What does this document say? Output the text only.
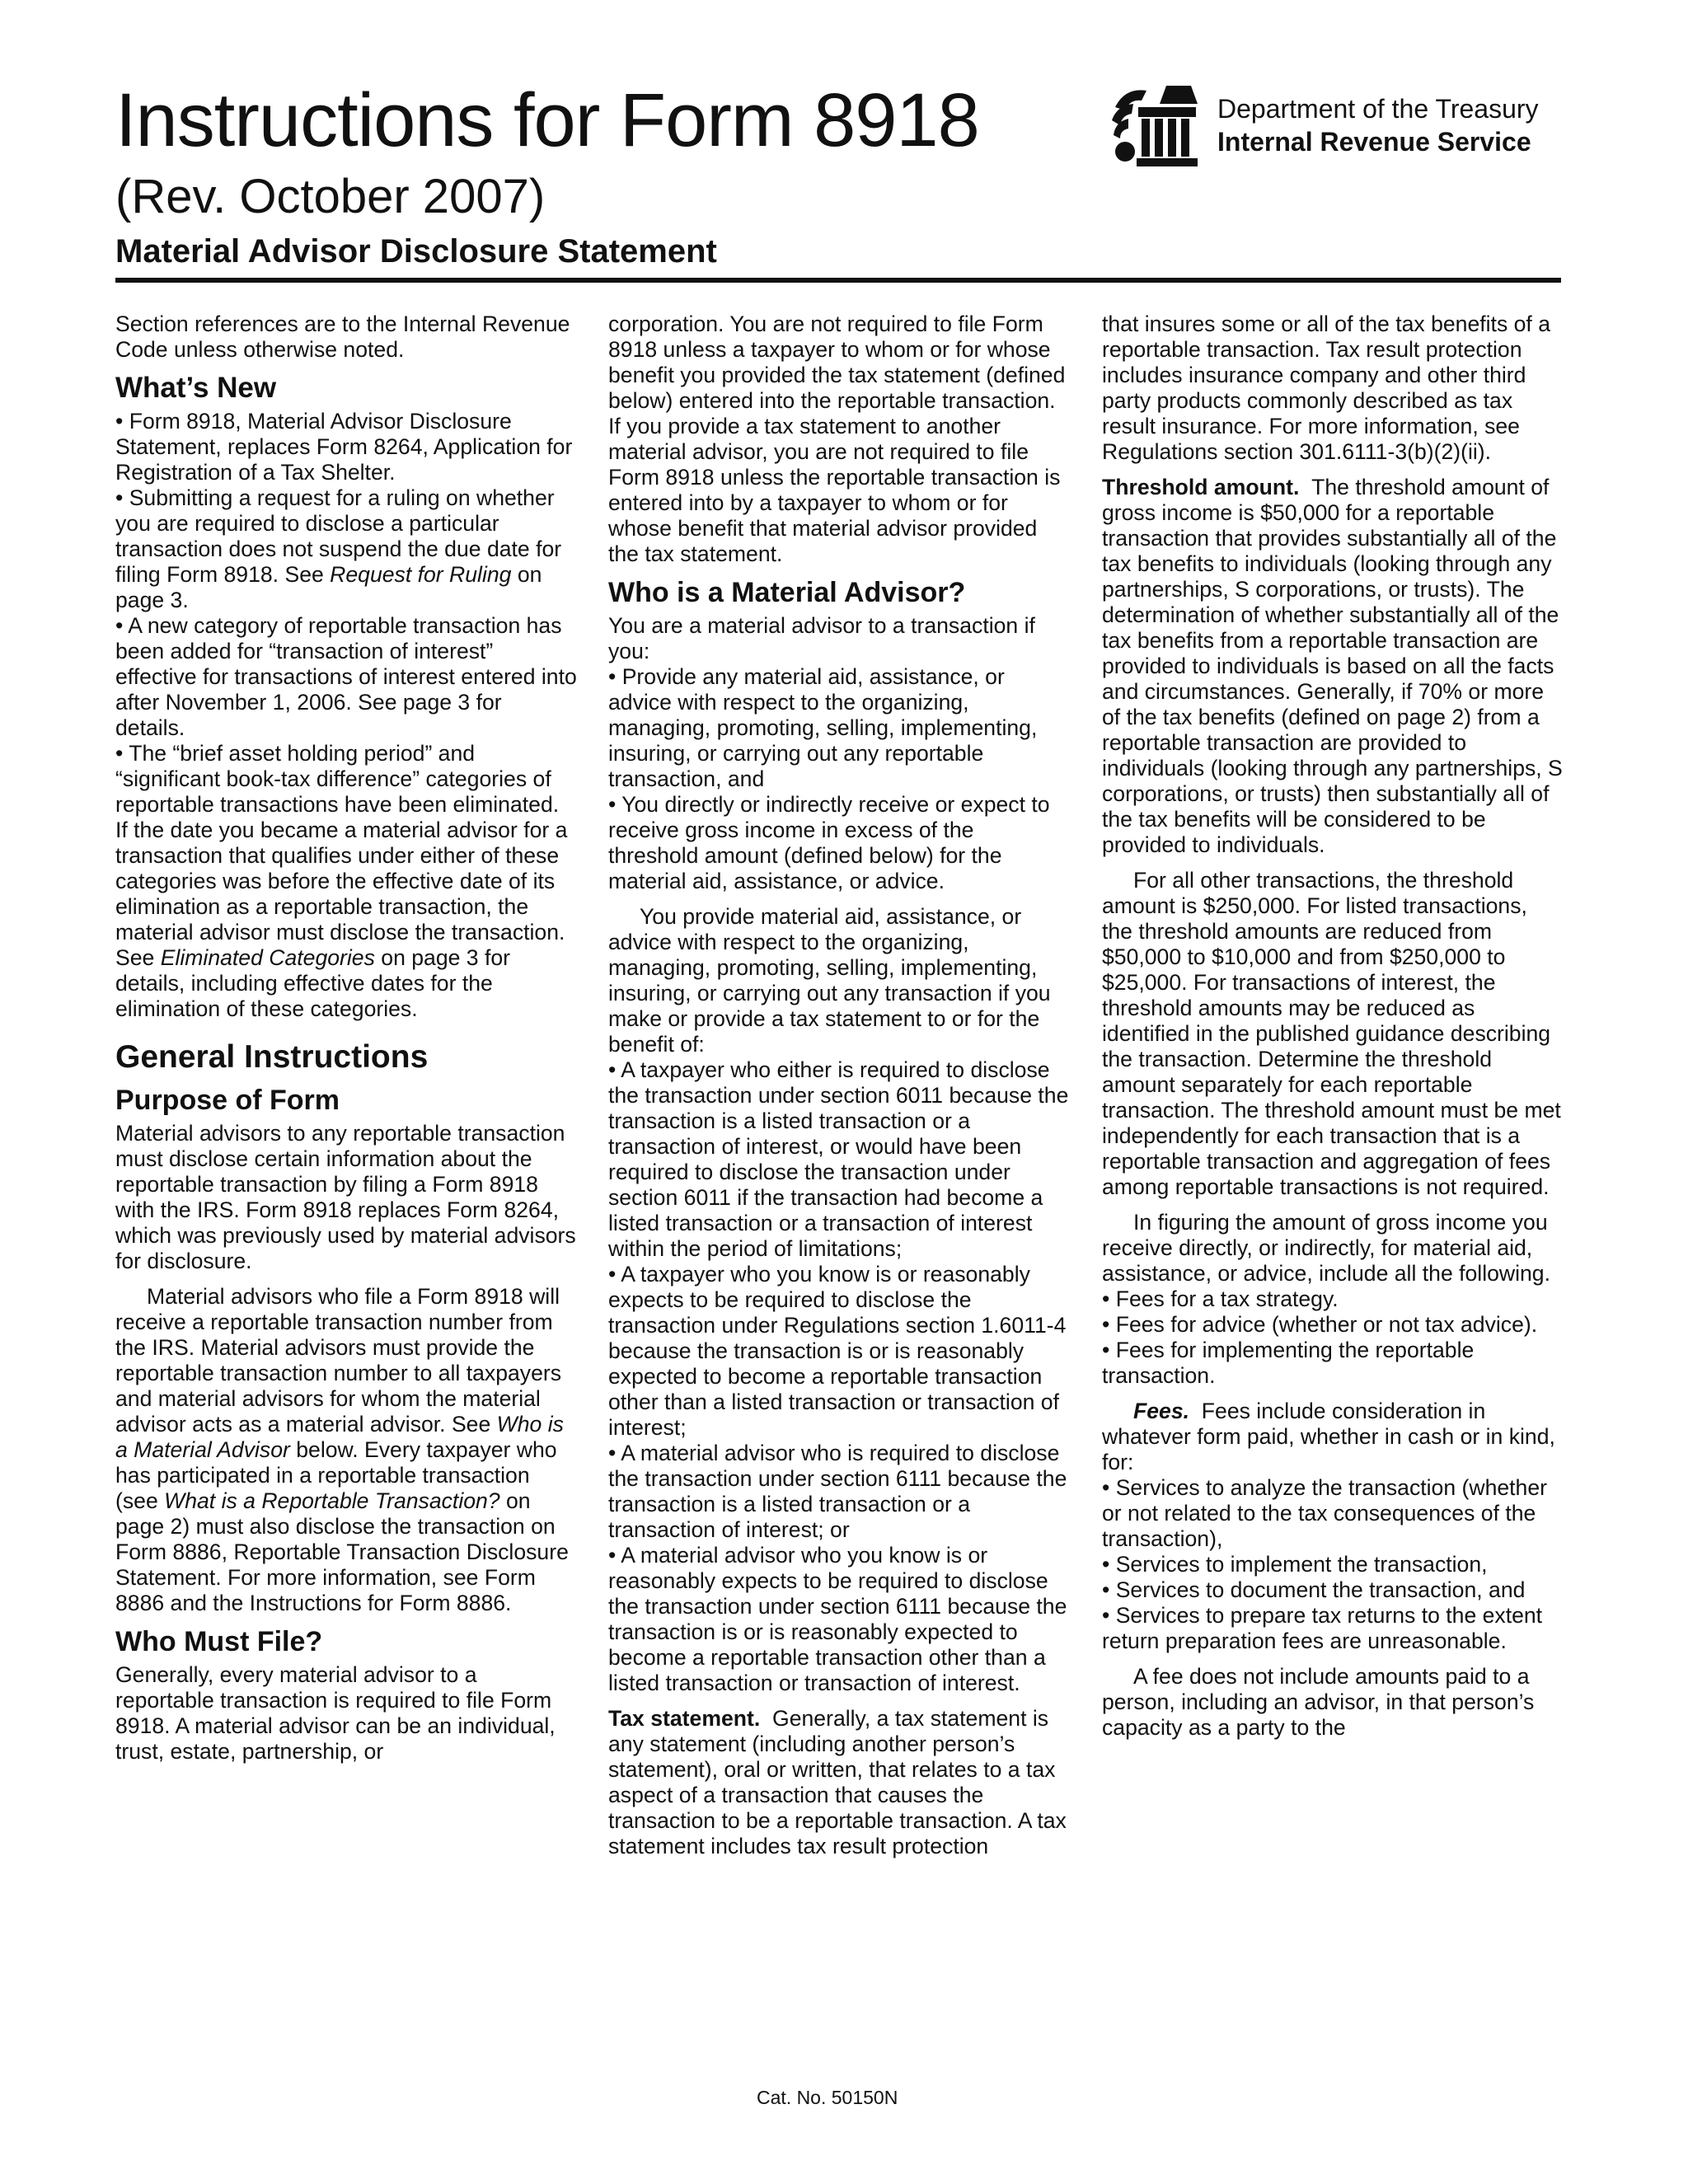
Instructions for Form 8918
(Rev. October 2007)
Material Advisor Disclosure Statement
Department of the Treasury
Internal Revenue Service

Section references are to the Internal Revenue Code unless otherwise noted.

What’s New

• Form 8918, Material Advisor Disclosure Statement, replaces Form 8264, Application for Registration of a Tax Shelter.

• Submitting a request for a ruling on whether you are required to disclose a particular transaction does not suspend the due date for filing Form 8918. See Request for Ruling on page 3.

• A new category of reportable transaction has been added for “transaction of interest” effective for transactions of interest entered into after November 1, 2006. See page 3 for details.

• The “brief asset holding period” and “significant book-tax difference” categories of reportable transactions have been eliminated. If the date you became a material advisor for a transaction that qualifies under either of these categories was before the effective date of its elimination as a reportable transaction, the material advisor must disclose the transaction. See Eliminated Categories on page 3 for details, including effective dates for the elimination of these categories.

General Instructions
Purpose of Form

Material advisors to any reportable transaction must disclose certain information about the reportable transaction by filing a Form 8918 with the IRS. Form 8918 replaces Form 8264, which was previously used by material advisors for disclosure.

Material advisors who file a Form 8918 will receive a reportable transaction number from the IRS. Material advisors must provide the reportable transaction number to all taxpayers and material advisors for whom the material advisor acts as a material advisor. See Who is a Material Advisor below. Every taxpayer who has participated in a reportable transaction (see What is a Reportable Transaction? on page 2) must also disclose the transaction on Form 8886, Reportable Transaction Disclosure Statement. For more information, see Form 8886 and the Instructions for Form 8886.

Who Must File?

Generally, every material advisor to a reportable transaction is required to file Form 8918. A material advisor can be an individual, trust, estate, partnership, or

corporation. You are not required to file Form 8918 unless a taxpayer to whom or for whose benefit you provided the tax statement (defined below) entered into the reportable transaction. If you provide a tax statement to another material advisor, you are not required to file Form 8918 unless the reportable transaction is entered into by a taxpayer to whom or for whose benefit that material advisor provided the tax statement.

Who is a Material Advisor?

You are a material advisor to a transaction if you:

• Provide any material aid, assistance, or advice with respect to the organizing, managing, promoting, selling, implementing, insuring, or carrying out any reportable transaction, and

• You directly or indirectly receive or expect to receive gross income in excess of the threshold amount (defined below) for the material aid, assistance, or advice.

You provide material aid, assistance, or advice with respect to the organizing, managing, promoting, selling, implementing, insuring, or carrying out any transaction if you make or provide a tax statement to or for the benefit of:

• A taxpayer who either is required to disclose the transaction under section 6011 because the transaction is a listed transaction or a transaction of interest, or would have been required to disclose the transaction under section 6011 if the transaction had become a listed transaction or a transaction of interest within the period of limitations;

• A taxpayer who you know is or reasonably expects to be required to disclose the transaction under Regulations section 1.6011-4 because the transaction is or is reasonably expected to become a reportable transaction other than a listed transaction or transaction of interest;

• A material advisor who is required to disclose the transaction under section 6111 because the transaction is a listed transaction or a transaction of interest; or

• A material advisor who you know is or reasonably expects to be required to disclose the transaction under section 6111 because the transaction is or is reasonably expected to become a reportable transaction other than a listed transaction or transaction of interest.

Tax statement. Generally, a tax statement is any statement (including another person’s statement), oral or written, that relates to a tax aspect of a transaction that causes the transaction to be a reportable transaction. A tax statement includes tax result protection

that insures some or all of the tax benefits of a reportable transaction. Tax result protection includes insurance company and other third party products commonly described as tax result insurance. For more information, see Regulations section 301.6111-3(b)(2)(ii).

Threshold amount. The threshold amount of gross income is $50,000 for a reportable transaction that provides substantially all of the tax benefits to individuals (looking through any partnerships, S corporations, or trusts). The determination of whether substantially all of the tax benefits from a reportable transaction are provided to individuals is based on all the facts and circumstances. Generally, if 70% or more of the tax benefits (defined on page 2) from a reportable transaction are provided to individuals (looking through any partnerships, S corporations, or trusts) then substantially all of the tax benefits will be considered to be provided to individuals.

For all other transactions, the threshold amount is $250,000. For listed transactions, the threshold amounts are reduced from $50,000 to $10,000 and from $250,000 to $25,000. For transactions of interest, the threshold amounts may be reduced as identified in the published guidance describing the transaction. Determine the threshold amount separately for each reportable transaction. The threshold amount must be met independently for each transaction that is a reportable transaction and aggregation of fees among reportable transactions is not required.

In figuring the amount of gross income you receive directly, or indirectly, for material aid, assistance, or advice, include all the following.

• Fees for a tax strategy.

• Fees for advice (whether or not tax advice).

• Fees for implementing the reportable transaction.

Fees. Fees include consideration in whatever form paid, whether in cash or in kind, for:

• Services to analyze the transaction (whether or not related to the tax consequences of the transaction),

• Services to implement the transaction,

• Services to document the transaction, and

• Services to prepare tax returns to the extent return preparation fees are unreasonable.

A fee does not include amounts paid to a person, including an advisor, in that person’s capacity as a party to the

Cat. No. 50150N
